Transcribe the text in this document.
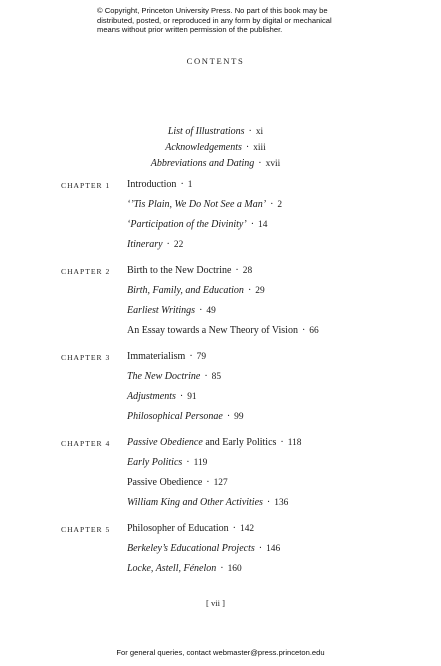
© Copyright, Princeton University Press. No part of this book may be
distributed, posted, or reproduced in any form by digital or mechanical
means without prior written permission of the publisher.
CONTENTS
List of Illustrations · xi
Acknowledgements · xiii
Abbreviations and Dating · xvii
CHAPTER 1 Introduction · 1
‘’Tis Plain, We Do Not See a Man’ · 2
‘Participation of the Divinity’ · 14
Itinerary · 22
CHAPTER 2 Birth to the New Doctrine · 28
Birth, Family, and Education · 29
Earliest Writings · 49
An Essay towards a New Theory of Vision · 66
CHAPTER 3 Immaterialism · 79
The New Doctrine · 85
Adjustments · 91
Philosophical Personae · 99
CHAPTER 4 Passive Obedience and Early Politics · 118
Early Politics · 119
Passive Obedience · 127
William King and Other Activities · 136
CHAPTER 5 Philosopher of Education · 142
Berkeley’s Educational Projects · 146
Locke, Astell, Fénelon · 160
[ vii ]
For general queries, contact webmaster@press.princeton.edu
